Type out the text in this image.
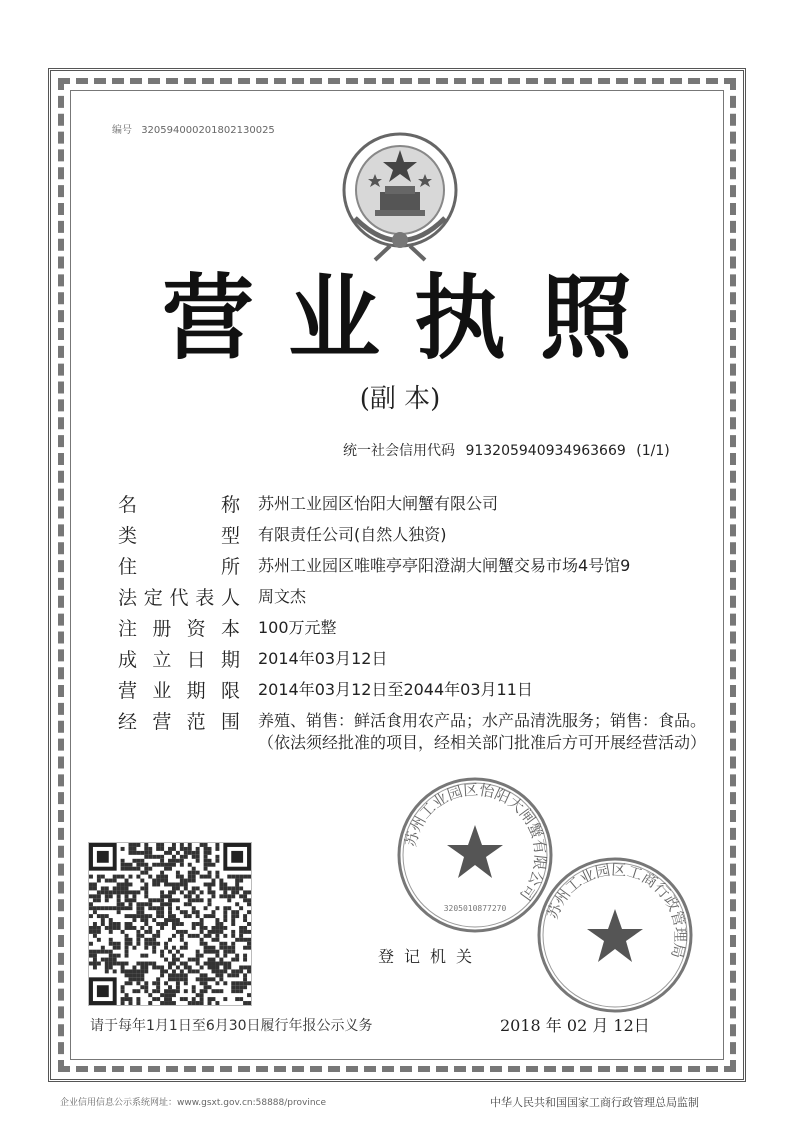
编号 320594000201802130025
营业执照
(副 本)
统一社会信用代码 91320594093496366​9 (1/1)
名称 苏州工业园区怡阳大闸蟹有限公司
类型 有限责任公司(自然人独资)
住所 苏州工业园区唯唯亭亭阳澄湖大闸蟹交易市场4号馆9
法定代表人 周文杰
注册资本 100万元整
成立日期 2014年03月12日
营业期限 2014年03月12日至2044年03月11日
经营范围 养殖、销售：鲜活食用农产品；水产品清洗服务；销售：食品。（依法须经批准的项目，经相关部门批准后方可开展经营活动）
苏州工业园区怡阳大闸蟹有限公司
3205010877270 苏州工业园区工商行政管理局
登记机关
请于每年1月1日至6月30日履行年报公示义务	2018 年 02 月 12日
企业信用信息公示系统网址：www.gsxt.gov.cn:58888/province	中华人民共和国国家工商行政管理总局监制
